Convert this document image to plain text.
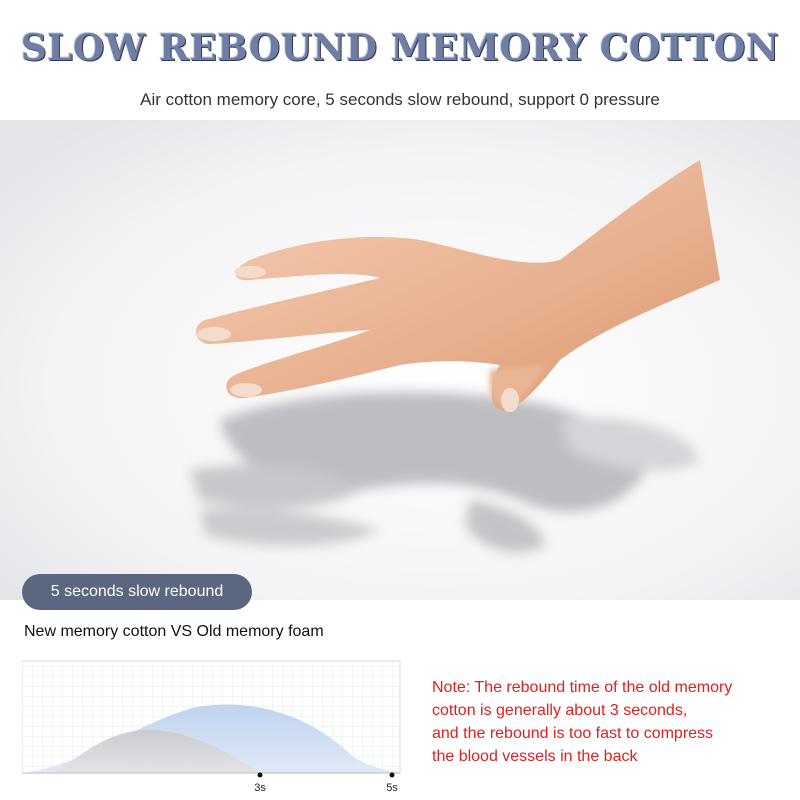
SLOW REBOUND MEMORY COTTON
Air cotton memory core, 5 seconds slow rebound, support 0 pressure
5 seconds slow rebound
New memory cotton VS Old memory foam
3s	5s
Note: The rebound time of the old memory
cotton is generally about 3 seconds,
and the rebound is too fast to compress
the blood vessels in the back
